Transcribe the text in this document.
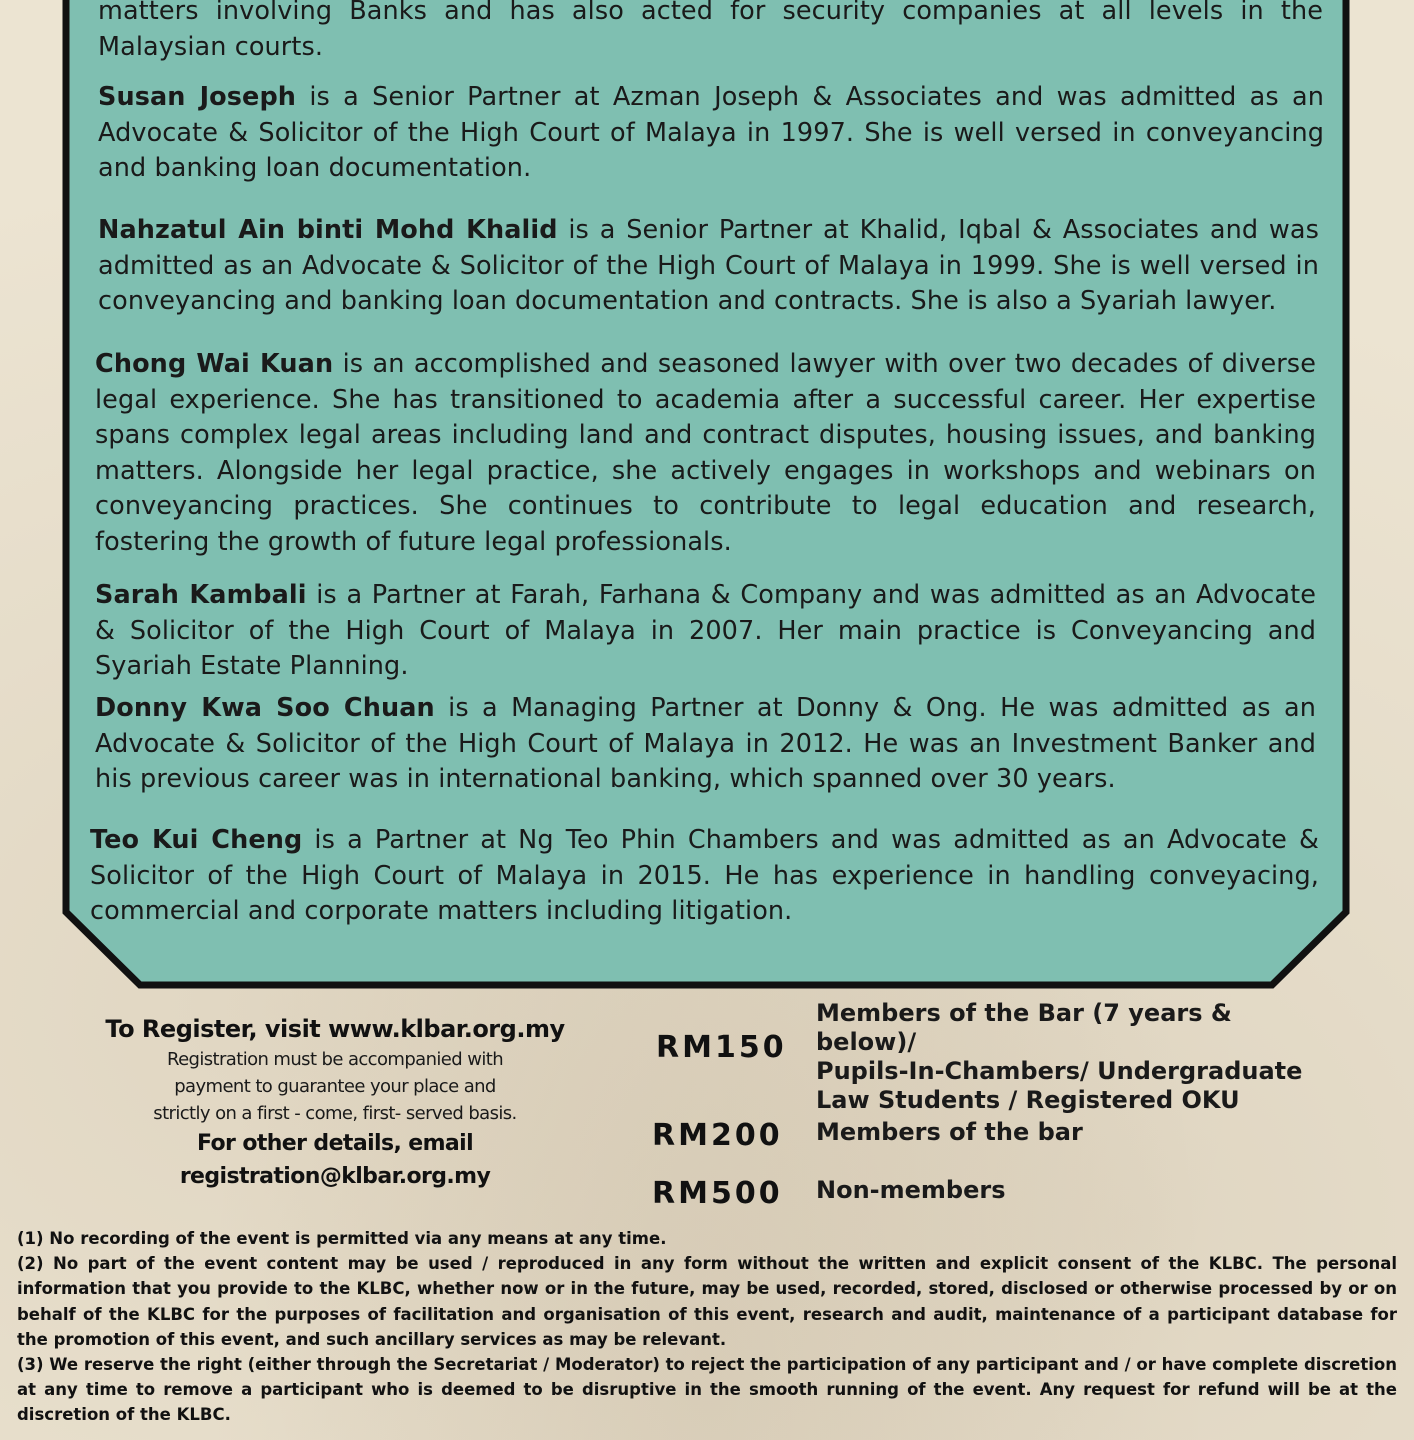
matters involving Banks and has also acted for security companies at all levels in the Malaysian courts.

Susan Joseph is a Senior Partner at Azman Joseph & Associates and was admitted as an Advocate & Solicitor of the High Court of Malaya in 1997. She is well versed in conveyancing and banking loan documentation.

Nahzatul Ain binti Mohd Khalid is a Senior Partner at Khalid, Iqbal & Associates and was admitted as an Advocate & Solicitor of the High Court of Malaya in 1999. She is well versed in conveyancing and banking loan documentation and contracts. She is also a Syariah lawyer.

Chong Wai Kuan is an accomplished and seasoned lawyer with over two decades of diverse legal experience. She has transitioned to academia after a successful career. Her expertise spans complex legal areas including land and contract disputes, housing issues, and banking matters. Alongside her legal practice, she actively engages in workshops and webinars on conveyancing practices. She continues to contribute to legal education and research, fostering the growth of future legal professionals.

Sarah Kambali is a Partner at Farah, Farhana & Company and was admitted as an Advocate & Solicitor of the High Court of Malaya in 2007. Her main practice is Conveyancing and Syariah Estate Planning.

Donny Kwa Soo Chuan is a Managing Partner at Donny & Ong. He was admitted as an Advocate & Solicitor of the High Court of Malaya in 2012. He was an Investment Banker and his previous career was in international banking, which spanned over 30 years.

Teo Kui Cheng is a Partner at Ng Teo Phin Chambers and was admitted as an Advocate & Solicitor of the High Court of Malaya in 2015. He has experience in handling conveyacing, commercial and corporate matters including litigation.

To Register, visit www.klbar.org.my
Registration must be accompanied with
payment to guarantee your place and
strictly on a first - come, first- served basis.
For other details, email
registration@klbar.org.my
RM150
Members of the Bar (7 years & below)/
Pupils-In-Chambers/ Undergraduate
Law Students / Registered OKU
RM200 Members of the bar
RM500 Non-members

(1) No recording of the event is permitted via any means at any time.

(2) No part of the event content may be used / reproduced in any form without the written and explicit consent of the KLBC. The personal information that you provide to the KLBC, whether now or in the future, may be used, recorded, stored, disclosed or otherwise processed by or on behalf of the KLBC for the purposes of facilitation and organisation of this event, research and audit, maintenance of a participant database for the promotion of this event, and such ancillary services as may be relevant.

(3) We reserve the right (either through the Secretariat / Moderator) to reject the participation of any participant and / or have complete discretion at any time to remove a participant who is deemed to be disruptive in the smooth running of the event. Any request for refund will be at the discretion of the KLBC.
